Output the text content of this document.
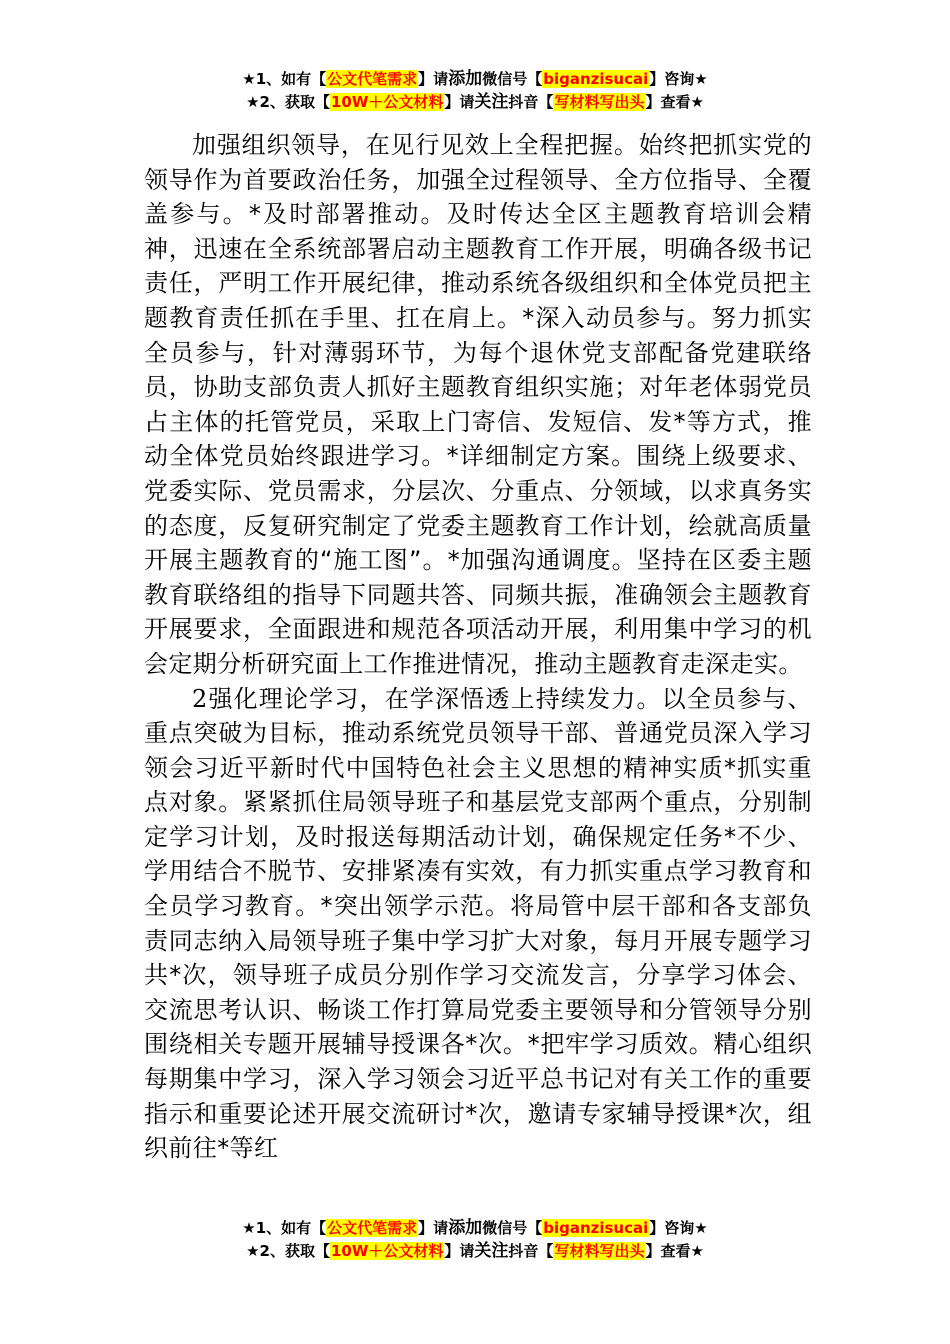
★1、如有【公文代笔需求】请添加微信号【biganzisucai】咨询★
★2、获取【10W＋公文材料】请关注抖音【写材料写出头】查看★

加强组织领导，在见行见效上全程把握。始终把抓实党的领导作为首要政治任务，加强全过程领导、全方位指导、全覆盖参与。*及时部署推动。及时传达全区主题教育培训会精神，迅速在全系统部署启动主题教育工作开展，明确各级书记责任，严明工作开展纪律，推动系统各级组织和全体党员把主题教育责任抓在手里、扛在肩上。*深入动员参与。努力抓实全员参与，针对薄弱环节，为每个退休党支部配备党建联络员，协助支部负责人抓好主题教育组织实施；对年老体弱党员占主体的托管党员，采取上门寄信、发短信、发*等方式，推动全体党员始终跟进学习。*详细制定方案。围绕上级要求、党委实际、党员需求，分层次、分重点、分领域，以求真务实的态度，反复研究制定了党委主题教育工作计划，绘就高质量开展主题教育的“施工图”。*加强沟通调度。坚持在区委主题教育联络组的指导下同题共答、同频共振，准确领会主题教育开展要求，全面跟进和规范各项活动开展，利用集中学习的机会定期分析研究面上工作推进情况，推动主题教育走深走实。

2强化理论学习，在学深悟透上持续发力。以全员参与、重点突破为目标，推动系统党员领导干部、普通党员深入学习领会习近平新时代中国特色社会主义思想的精神实质*抓实重点对象。紧紧抓住局领导班子和基层党支部两个重点，分别制定学习计划，及时报送每期活动计划，确保规定任务*不少、学用结合不脱节、安排紧凑有实效，有力抓实重点学习教育和全员学习教育。*突出领学示范。将局管中层干部和各支部负责同志纳入局领导班子集中学习扩大对象，每月开展专题学习共*次，领导班子成员分别作学习交流发言，分享学习体会、交流思考认识、畅谈工作打算局党委主要领导和分管领导分别围绕相关专题开展辅导授课各*次。*把牢学习质效。精心组织每期集中学习，深入学习领会习近平总书记对有关工作的重要指示和重要论述开展交流研讨*次，邀请专家辅导授课*次，组织前往*等红

★1、如有【公文代笔需求】请添加微信号【biganzisucai】咨询★
★2、获取【10W＋公文材料】请关注抖音【写材料写出头】查看★
